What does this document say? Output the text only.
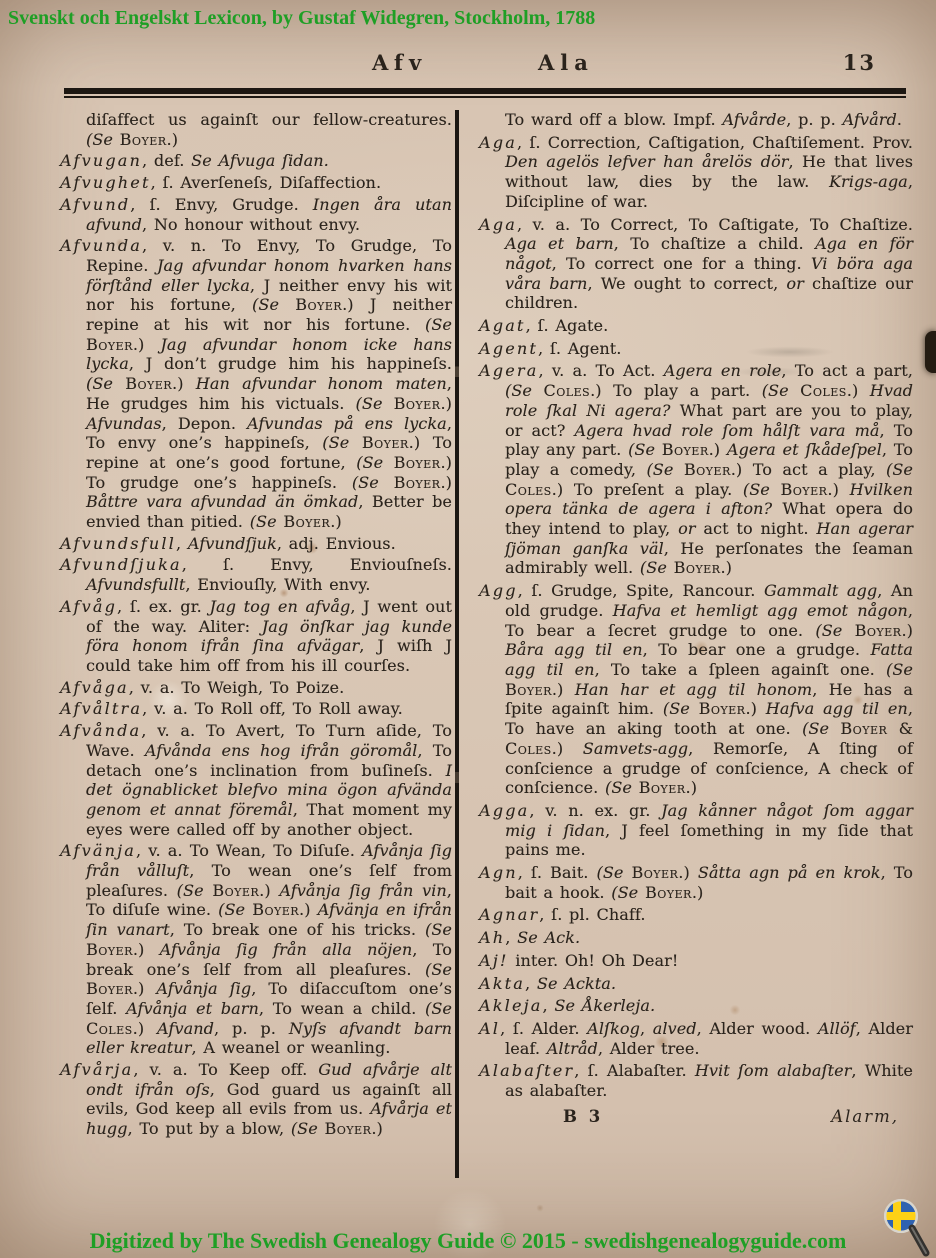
Svenskt och Engelskt Lexicon, by Gustaf Widegren, Stockholm, 1788
Afv	Ala	13

diſaffect us againſt our fellow-creatures. (Se Boyer.)

Afvugan, def. Se Afvuga ſidan.

Afvughet, ſ. Averſeneſs, Diſaffection.

Afvund, ſ. Envy, Grudge. Ingen åra utan afvund, No honour without envy.

Afvunda, v. n. To Envy, To Grudge, To Repine. Jag afvundar honom hvarken hans förſtånd eller lycka, J neither envy his wit nor his fortune, (Se Boyer.) J neither repine at his wit nor his fortune. (Se Boyer.) Jag afvundar honom icke hans lycka, J don’t grudge him his happineſs. (Se Boyer.) Han afvundar honom maten, He grudges him his victuals. (Se Boyer.) Afvundas, Depon. Afvundas på ens lycka, To envy one’s happineſs, (Se Boyer.) To repine at one’s good fortune, (Se Boyer.) To grudge one’s happineſs. (Se Boyer.) Båttre vara afvundad än ömkad, Better be envied than pitied. (Se Boyer.)

Afvundsfull, Afvundſjuk, adj. Envious.

Afvundſjuka, ſ. Envy, Enviouſneſs. Afvundsfullt, Enviouſly, With envy.

Afvåg, ſ. ex. gr. Jag tog en afvåg, J went out of the way. Aliter: Jag önſkar jag kunde föra honom ifrån ſina afvägar, J wiſh J could take him off from his ill courſes.

Afvåga, v. a. To Weigh, To Poize.

Afvåltra, v. a. To Roll off, To Roll away.

Afvånda, v. a. To Avert, To Turn aſide, To Wave. Afvånda ens hog ifrån göromål, To detach one’s inclination from buſineſs. I det ögnablicket blefvo mina ögon afvända genom et annat föremål, That moment my eyes were called off by another object.

Afvänja, v. a. To Wean, To Diſuſe. Afvånja ſig från vålluſt, To wean one’s ſelf from pleaſures. (Se Boyer.) Afvånja ſig från vin, To diſuſe wine. (Se Boyer.) Afvänja en ifrån ſin vanart, To break one of his tricks. (Se Boyer.) Afvånja ſig från alla nöjen, To break one’s ſelf from all pleaſures. (Se Boyer.) Afvånja ſig, To diſaccuſtom one’s ſelf. Afvånja et barn, To wean a child. (Se Coles.) Afvand, p. p. Nyſs afvandt barn eller kreatur, A weanel or weanling.

Afvårja, v. a. To Keep off. Gud afvårje alt ondt ifrån oſs, God guard us againſt all evils, God keep all evils from us. Afvårja et hugg, To put by a blow, (Se Boyer.)

To ward off a blow. Impf. Afvårde, p. p. Afvård.

Aga, ſ. Correction, Caſtigation, Chaſtiſement. Prov. Den agelös lefver han årelös dör, He that lives without law, dies by the law. Krigs-aga, Diſcipline of war.

Aga, v. a. To Correct, To Caſtigate, To Chaſtize. Aga et barn, To chaſtize a child. Aga en för något, To correct one for a thing. Vi böra aga våra barn, We ought to correct, or chaſtize our children.

Agat, ſ. Agate.

Agent, ſ. Agent.

Agera, v. a. To Act. Agera en role, To act a part, (Se Coles.) To play a part. (Se Coles.) Hvad role ſkal Ni agera? What part are you to play, or act? Agera hvad role ſom hålſt vara må, To play any part. (Se Boyer.) Agera et ſkådeſpel, To play a comedy, (Se Boyer.) To act a play, (Se Coles.) To preſent a play. (Se Boyer.) Hvilken opera tänka de agera i afton? What opera do they intend to play, or act to night. Han agerar ſjöman ganſka väl, He perſonates the ſeaman admirably well. (Se Boyer.)

Agg, ſ. Grudge, Spite, Rancour. Gammalt agg, An old grudge. Hafva et hemligt agg emot någon, To bear a ſecret grudge to one. (Se Boyer.) Båra agg til en, To bear one a grudge. Fatta agg til en, To take a ſpleen againſt one. (Se Boyer.) Han har et agg til honom, He has a ſpite againſt him. (Se Boyer.) Hafva agg til en, To have an aking tooth at one. (Se Boyer & Coles.) Samvets-agg, Remorſe, A ſting of conſcience a grudge of conſcience, A check of conſcience. (Se Boyer.)

Agga, v. n. ex. gr. Jag kånner något ſom aggar mig i ſidan, J feel ſomething in my ſide that pains me.

Agn, ſ. Bait. (Se Boyer.) Såtta agn på en krok, To bait a hook. (Se Boyer.)

Agnar, ſ. pl. Chaff.

Ah, Se Ack.

Aj! inter. Oh! Oh Dear!

Akta, Se Ackta.

Akleja, Se Åkerleja.

Al, ſ. Alder. Alſkog, alved, Alder wood. Allöf, Alder leaf. Altråd, Alder tree.

Alabaſter, ſ. Alabaſter. Hvit ſom alabaſter, White as alabaſter.

B 3	Alarm,
Digitized by The Swedish Genealogy Guide © 2015 - swedishgenealogyguide.com
